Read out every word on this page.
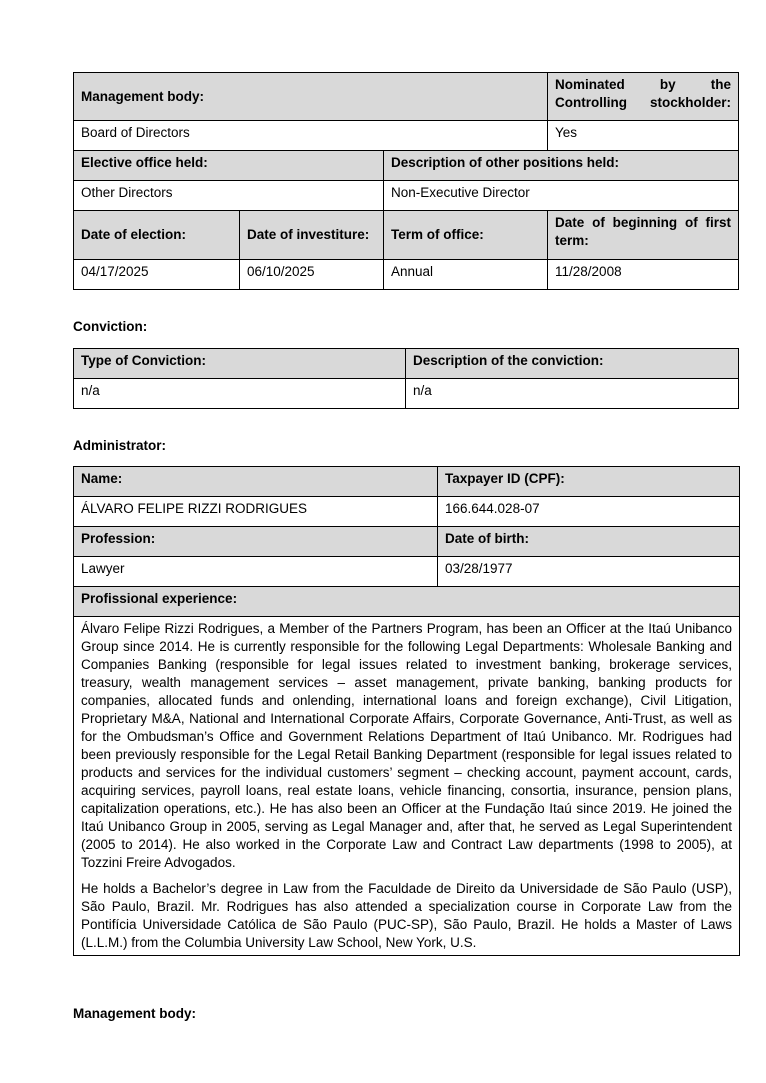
Management body:			Nominated by the Controlling stockholder:
Board of Directors			Yes
Elective office held:		Description of other positions held:	
Other Directors		Non-Executive Director	
Date of election:	Date of investiture:	Term of office:	Date of beginning of first term:
04/17/2025	06/10/2025	Annual	11/28/2008
Conviction:
Type of Conviction:	Description of the conviction:
n/a	n/a
Administrator:
Name:	Taxpayer ID (CPF):
ÁLVARO FELIPE RIZZI RODRIGUES	166.644.028-07
Profession:	Date of birth:
Lawyer	03/28/1977
Profissional experience:	

Álvaro Felipe Rizzi Rodrigues, a Member of the Partners Program, has been an Officer at the Itaú Unibanco Group since 2014. He is currently responsible for the following Legal Departments: Wholesale Banking and Companies Banking (responsible for legal issues related to investment banking, brokerage services, treasury, wealth management services – asset management, private banking, banking products for companies, allocated funds and onlending, international loans and foreign exchange), Civil Litigation, Proprietary M&A, National and International Corporate Affairs, Corporate Governance, Anti-Trust, as well as for the Ombudsman’s Office and Government Relations Department of Itaú Unibanco. Mr. Rodrigues had been previously responsible for the Legal Retail Banking Department (responsible for legal issues related to products and services for the individual customers’ segment – checking account, payment account, cards, acquiring services, payroll loans, real estate loans, vehicle financing, consortia, insurance, pension plans, capitalization operations, etc.). He has also been an Officer at the Fundação Itaú since 2019. He joined the Itaú Unibanco Group in 2005, serving as Legal Manager and, after that, he served as Legal Superintendent (2005 to 2014). He also worked in the Corporate Law and Contract Law departments (1998 to 2005), at Tozzini Freire Advogados.

He holds a Bachelor’s degree in Law from the Faculdade de Direito da Universidade de São Paulo (USP), São Paulo, Brazil. Mr. Rodrigues has also attended a specialization course in Corporate Law from the Pontifícia Universidade Católica de São Paulo (PUC-SP), São Paulo, Brazil. He holds a Master of Laws (L.L.M.) from the Columbia University Law School, New York, U.S.	

Management body:
